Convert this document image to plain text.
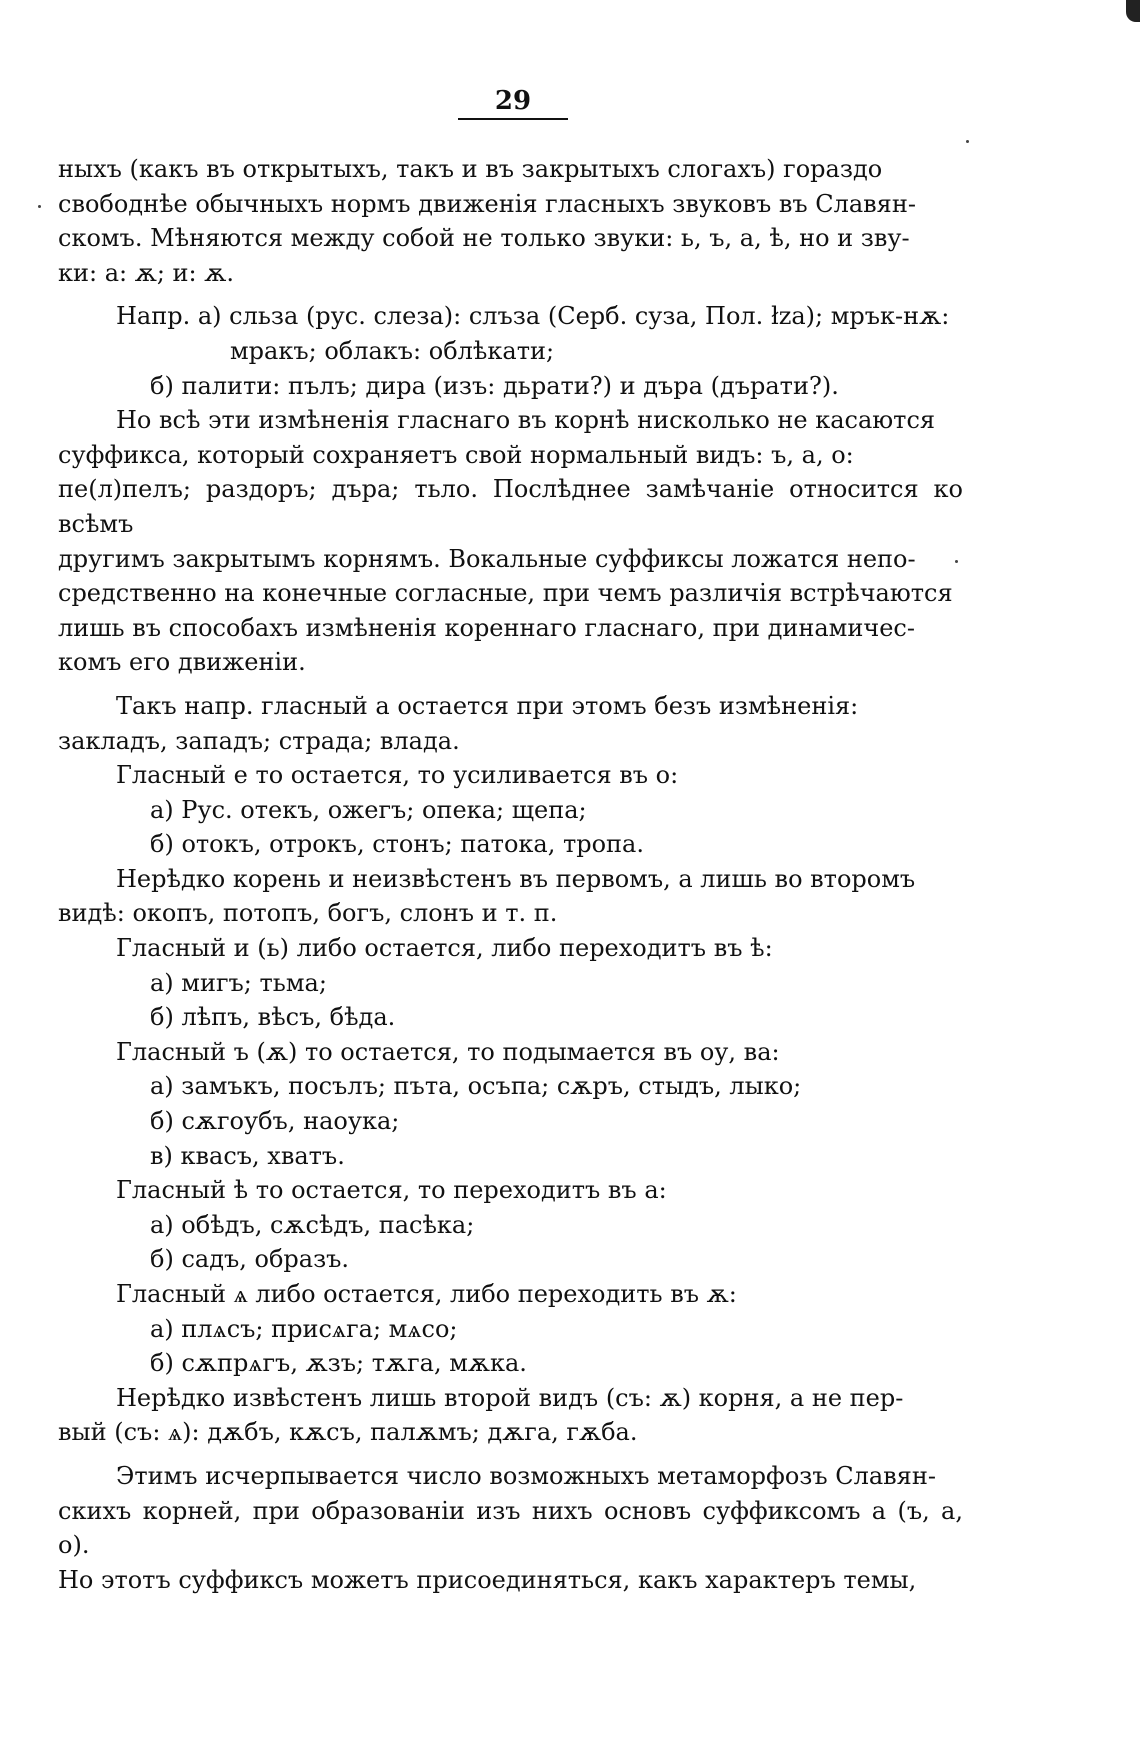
29

ныхъ (какъ въ открытыхъ, такъ и въ закрытыхъ слогахъ) гораздо

свободнѣе обычныхъ нормъ движенія гласныхъ звуковъ въ Славян-

скомъ. Мѣняются между собой не только звуки: ь, ъ, а, ѣ, но и зву-

ки: а: ѫ; и: ѫ.

Напр. а) сльза (рус. слеза): слъза (Серб. суза, Пол. łza); мрък-нѫ:

мракъ; облакъ: облѣкати;

б) палити: пълъ; дира (изъ: дьрати?) и дъра (дърати?).

Но всѣ эти измѣненія гласнаго въ корнѣ нисколько не касаются

суффикса, который сохраняетъ свой нормальный видъ: ъ, а, о:

пе(л)пелъ; раздоръ; дъра; тьло. Послѣднее замѣчаніе относится ко всѣмъ

другимъ закрытымъ корнямъ. Вокальные суффиксы ложатся непо-

средственно на конечные согласные, при чемъ различія встрѣчаются

лишь въ способахъ измѣненія кореннаго гласнаго, при динамичес-

комъ его движеніи.

Такъ напр. гласный а остается при этомъ безъ измѣненія:

закладъ, западъ; страда; влада.

Гласный е то остается, то усиливается въ о:

а) Рус. отекъ, ожегъ; опека; щепа;

б) отокъ, отрокъ, стонъ; патока, тропа.

Нерѣдко корень и неизвѣстенъ въ первомъ, а лишь во второмъ

видѣ: окопъ, потопъ, богъ, слонъ и т. п.

Гласный и (ь) либо остается, либо переходитъ въ ѣ:

а) мигъ; тьма;

б) лѣпъ, вѣсъ, бѣда.

Гласный ъ (ѫ) то остается, то подымается въ оу, ва:

а) замъкъ, посълъ; пъта, осъпа; сѫръ, стыдъ, лыко;

б) сѫгоубъ, наоука;

в) квасъ, хватъ.

Гласный ѣ то остается, то переходитъ въ а:

а) обѣдъ, сѫсѣдъ, пасѣка;

б) садъ, образъ.

Гласный ѧ либо остается, либо переходить въ ѫ:

а) плѧсъ; присѧга; мѧсо;

б) сѫпрѧгъ, ѫзъ; тѫга, мѫка.

Нерѣдко извѣстенъ лишь второй видъ (съ: ѫ) корня, а не пер-

вый (съ: ѧ): дѫбъ, кѫсъ, палѫмъ; дѫга, гѫба.

Этимъ исчерпывается число возможныхъ метаморфозъ Славян-

скихъ корней, при образованіи изъ нихъ основъ суффиксомъ а (ъ, а, о).

Но этотъ суффиксъ можетъ присоединяться, какъ характеръ темы,
